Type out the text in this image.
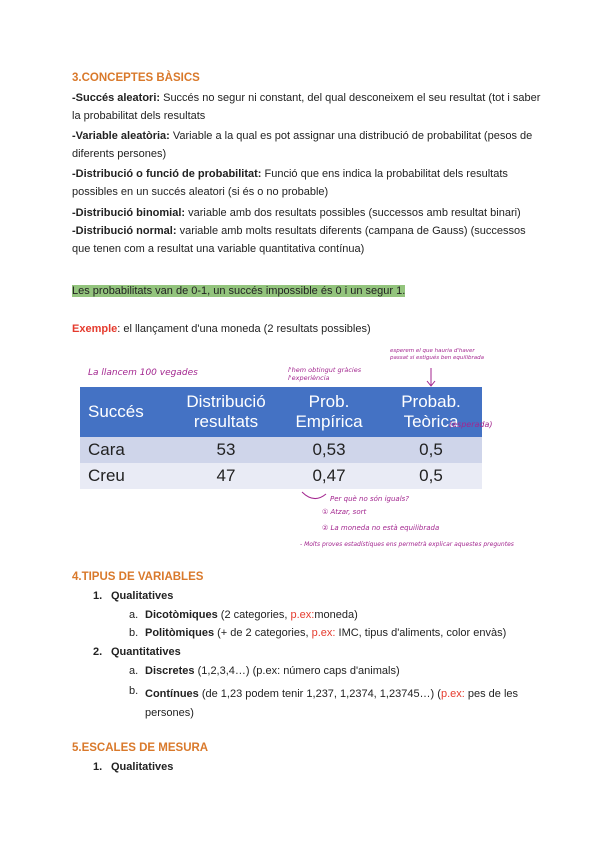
3.CONCEPTES BÀSICS
-Succés aleatori: Succés no segur ni constant, del qual desconeixem el seu resultat (tot i saber la probabilitat dels resultats
-Variable aleatòria: Variable a la qual es pot assignar una distribució de probabilitat (pesos de diferents persones)
-Distribució o funció de probabilitat: Funció que ens indica la probabilitat dels resultats possibles en un succés aleatori (si és o no probable)
-Distribució binomial: variable amb dos resultats possibles (successos amb resultat binari)
-Distribució normal: variable amb molts resultats diferents (campana de Gauss) (successos que tenen com a resultat una variable quantitativa contínua)
Les probabilitats van de 0-1, un succés impossible és 0 i un segur 1.
Exemple: el llançament d'una moneda (2 resultats possibles)
La llancem 100 vegades	l'hem obtingut gràcies l'experiència
esperem el que hauria d'haver passat si estigués ben equilibrada
Succés	Distribució resultats	Prob. Empírica	Probab. Teòrica

Cara	53	0,53	0,5
Creu	47	0,47	0,5
(esperada)
Per què no són iguals?
① Atzar, sort
② La moneda no està equilibrada
- Molts proves estadístiques ens permetrà explicar aquestes preguntes
4.TIPUS DE VARIABLES
1. Qualitatives
a. Dicotòmiques (2 categories, p.ex:moneda)
b. Politòmiques (+ de 2 categories, p.ex: IMC, tipus d'aliments, color envàs)
2. Quantitatives
a. Discretes (1,2,3,4…) (p.ex: número caps d'animals)
b. Contínues (de 1,23 podem tenir 1,237, 1,2374, 1,23745…) (p.ex: pes de les persones)
5.ESCALES DE MESURA
1. Qualitatives
